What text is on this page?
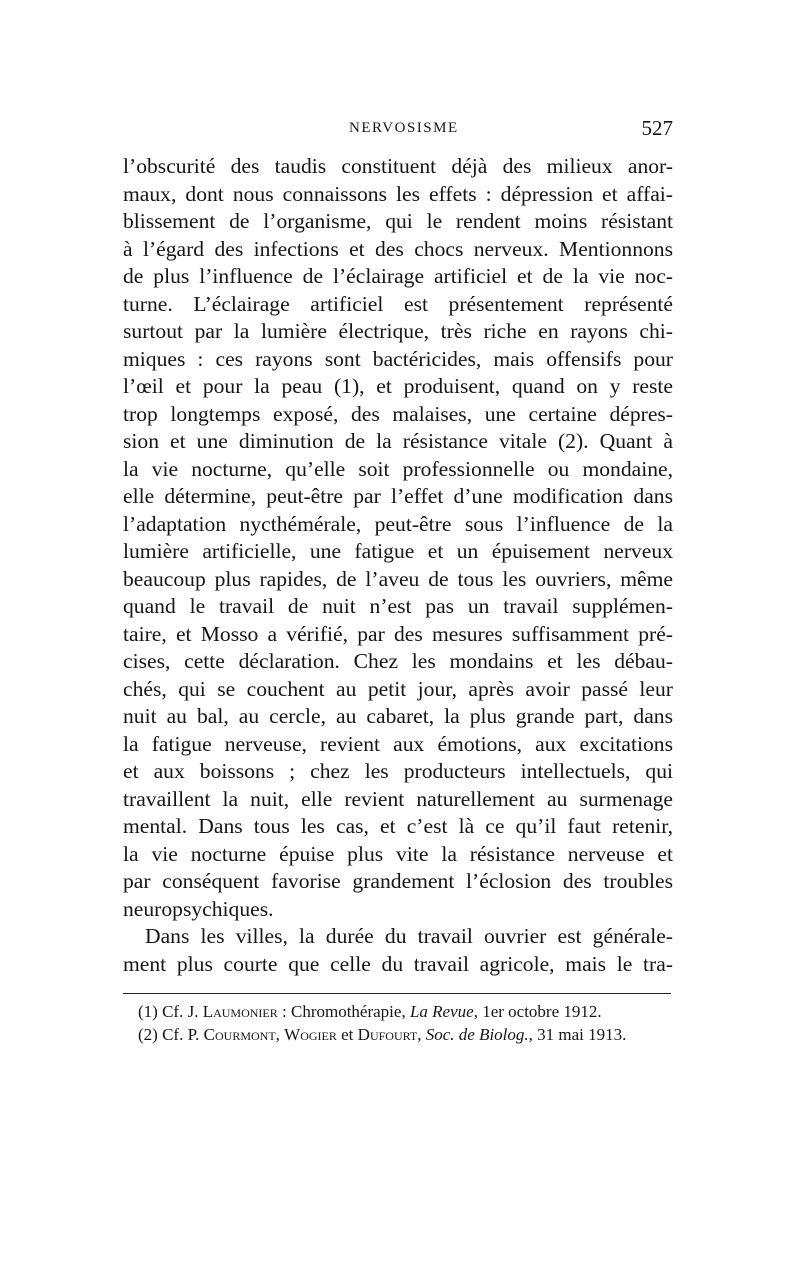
NERVOSISME	527
l’obscurité des taudis constituent déjà des milieux anor-
maux, dont nous connaissons les effets : dépression et affai-
blissement de l’organisme, qui le rendent moins résistant
à l’égard des infections et des chocs nerveux. Mentionnons
de plus l’influence de l’éclairage artificiel et de la vie noc-
turne. L’éclairage artificiel est présentement représenté
surtout par la lumière électrique, très riche en rayons chi-
miques : ces rayons sont bactéricides, mais offensifs pour
l’œil et pour la peau (1), et produisent, quand on y reste
trop longtemps exposé, des malaises, une certaine dépres-
sion et une diminution de la résistance vitale (2). Quant à
la vie nocturne, qu’elle soit professionnelle ou mondaine,
elle détermine, peut-être par l’effet d’une modification dans
l’adaptation nycthémérale, peut-être sous l’influence de la
lumière artificielle, une fatigue et un épuisement nerveux
beaucoup plus rapides, de l’aveu de tous les ouvriers, même
quand le travail de nuit n’est pas un travail supplémen-
taire, et Mosso a vérifié, par des mesures suffisamment pré-
cises, cette déclaration. Chez les mondains et les débau-
chés, qui se couchent au petit jour, après avoir passé leur
nuit au bal, au cercle, au cabaret, la plus grande part, dans
la fatigue nerveuse, revient aux émotions, aux excitations
et aux boissons ; chez les producteurs intellectuels, qui
travaillent la nuit, elle revient naturellement au surmenage
mental. Dans tous les cas, et c’est là ce qu’il faut retenir,
la vie nocturne épuise plus vite la résistance nerveuse et
par conséquent favorise grandement l’éclosion des troubles
neuropsychiques.
Dans les villes, la durée du travail ouvrier est générale-
ment plus courte que celle du travail agricole, mais le tra-
(1) Cf. J. Laumonier : Chromothérapie, La Revue, 1er octobre 1912.
(2) Cf. P. Courmont, Wogier et Dufourt, Soc. de Biolog., 31 mai 1913.
